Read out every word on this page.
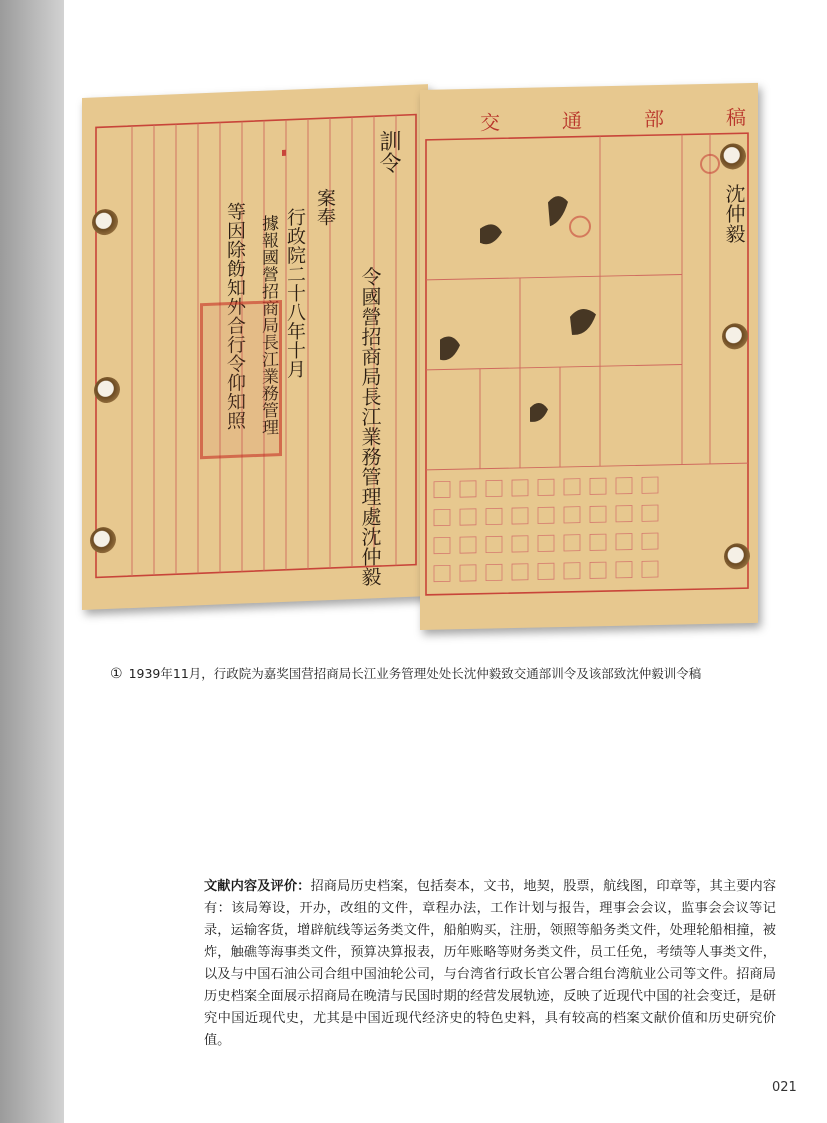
訓令
令國營招商局長江業務管理處沈仲毅
案奉
行政院二十八年十月
據報國營招商局長江業務管理
等因除飭知外合行令仰知照
交通部稿
沈仲毅
① 1939年11月，行政院为嘉奖国营招商局长江业务管理处处长沈仲毅致交通部训令及该部致沈仲毅训令稿
文献内容及评价：招商局历史档案，包括奏本，文书，地契，股票，航线图，印章等，其主要内容有：该局筹设，开办，改组的文件，章程办法，工作计划与报告，理事会会议，监事会会议等记录，运输客货，增辟航线等运务类文件，船舶购买，注册，领照等船务类文件，处理轮船相撞，被炸，触礁等海事类文件，预算决算报表，历年账略等财务类文件，员工任免，考绩等人事类文件，以及与中国石油公司合组中国油轮公司，与台湾省行政长官公署合组台湾航业公司等文件。招商局历史档案全面展示招商局在晚清与民国时期的经营发展轨迹，反映了近现代中国的社会变迁，是研究中国近现代史，尤其是中国近现代经济史的特色史料，具有较高的档案文献价值和历史研究价值。
021
